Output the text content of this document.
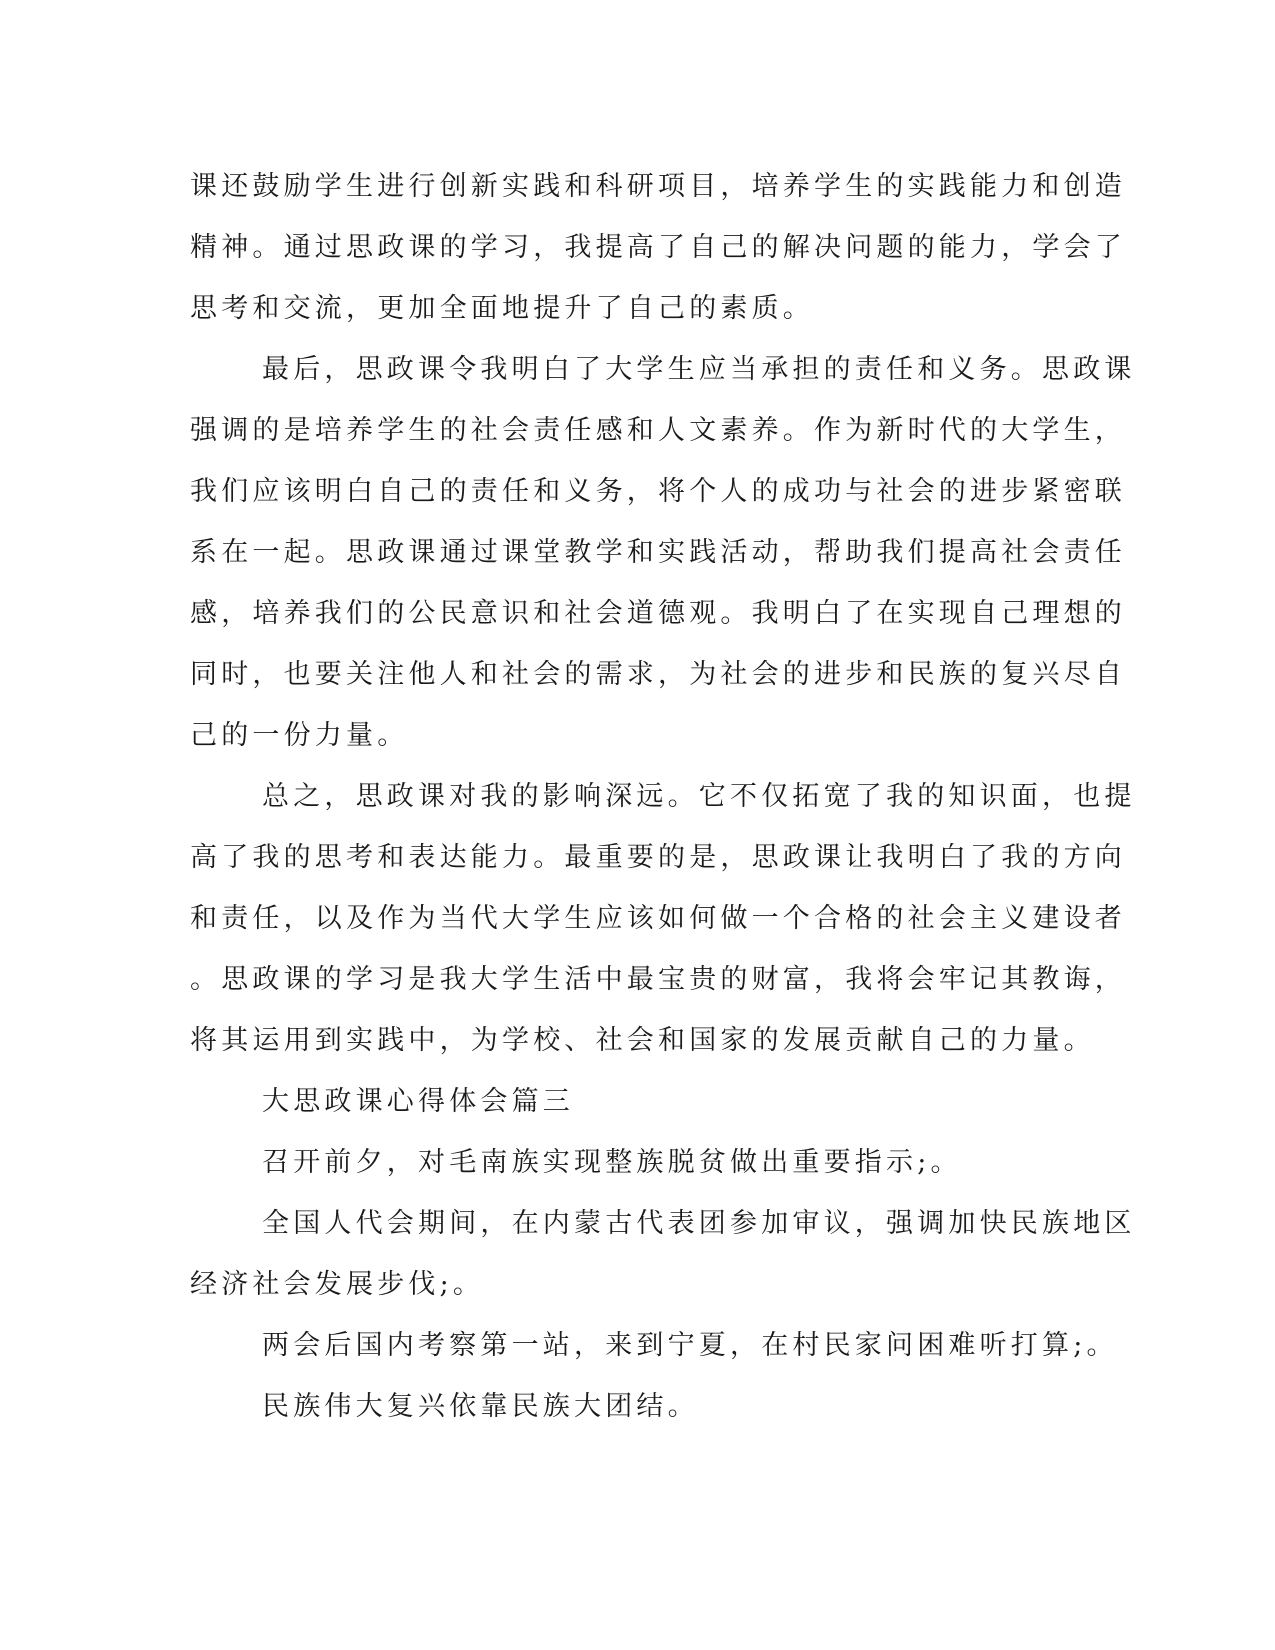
课还鼓励学生进行创新实践和科研项目，培养学生的实践能力和创造
精神。通过思政课的学习，我提高了自己的解决问题的能力，学会了
思考和交流，更加全面地提升了自己的素质。

最后，思政课令我明白了大学生应当承担的责任和义务。思政课
强调的是培养学生的社会责任感和人文素养。作为新时代的大学生，
我们应该明白自己的责任和义务，将个人的成功与社会的进步紧密联
系在一起。思政课通过课堂教学和实践活动，帮助我们提高社会责任
感，培养我们的公民意识和社会道德观。我明白了在实现自己理想的
同时，也要关注他人和社会的需求，为社会的进步和民族的复兴尽自
己的一份力量。

总之，思政课对我的影响深远。它不仅拓宽了我的知识面，也提
高了我的思考和表达能力。最重要的是，思政课让我明白了我的方向
和责任，以及作为当代大学生应该如何做一个合格的社会主义建设者
。思政课的学习是我大学生活中最宝贵的财富，我将会牢记其教诲，
将其运用到实践中，为学校、社会和国家的发展贡献自己的力量。

大思政课心得体会篇三

召开前夕，对毛南族实现整族脱贫做出重要指示;。

全国人代会期间，在内蒙古代表团参加审议，强调加快民族地区
经济社会发展步伐;。

两会后国内考察第一站，来到宁夏，在村民家问困难听打算;。

民族伟大复兴依靠民族大团结。
